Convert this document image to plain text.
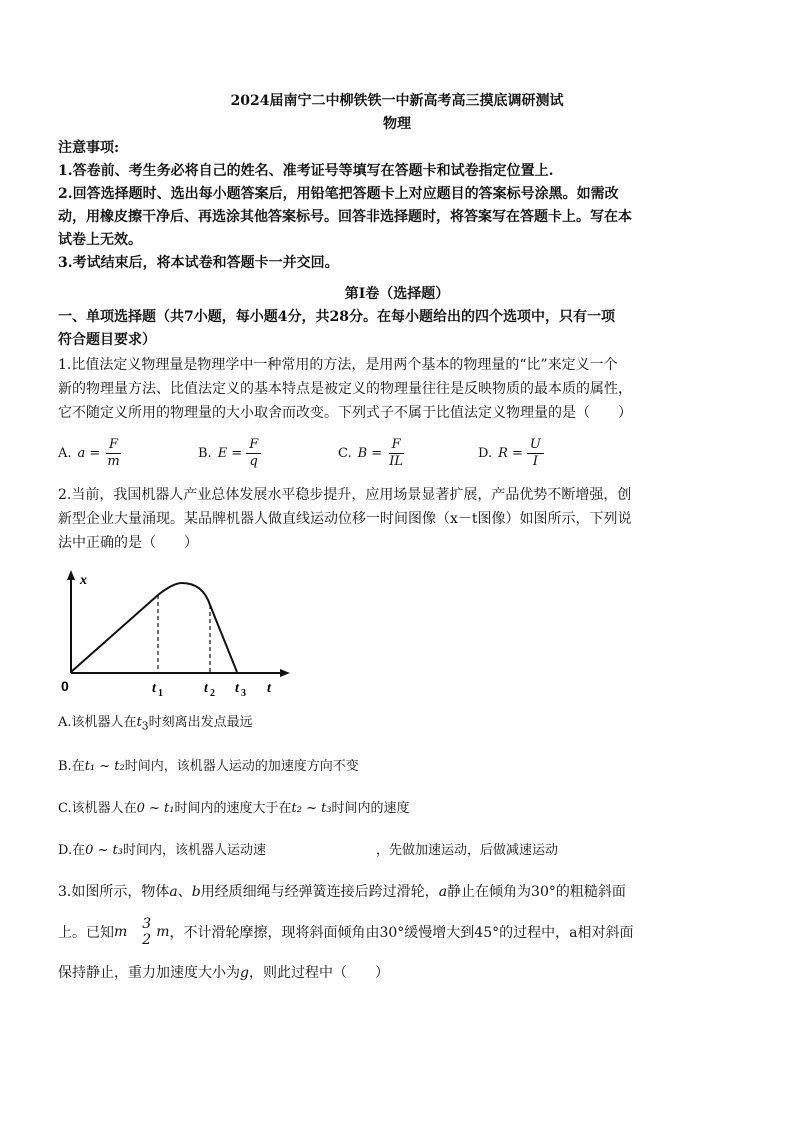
2024届南宁二中柳铁铁一中新高考高三摸底调研测试
物理

注意事项:

1.答卷前、考生务必将自己的姓名、准考证号等填写在答题卡和试卷指定位置上.

2.回答选择题时、选出每小题答案后，用铅笔把答题卡上对应题目的答案标号涂黑。如需改

动，用橡皮擦干净后、再选涂其他答案标号。回答非选择题时，将答案写在答题卡上。写在本

试卷上无效。

3.考试结束后，将本试卷和答题卡一并交回。

第Ⅰ卷（选择题）
一、单项选择题（共7小题，每小题4分，共28分。在每小题给出的四个选项中，只有一项
符合题目要求）

1.比值法定义物理量是物理学中一种常用的方法，是用两个基本的物理量的“比”来定义一个

新的物理量方法、比值法定义的基本特点是被定义的物理量往往是反映物质的最本质的属性，

它不随定义所用的物理量的大小取舍而改变。下列式子不属于比值法定义物理量的是（　　）

A. $a = \frac{F}{m}$	B. $E = \frac{F}{q}$	C. $B = \frac{F}{IL}$	D. $R = \frac{U}{I}$

2.当前，我国机器人产业总体发展水平稳步提升，应用场景显著扩展，产品优势不断增强，创

新型企业大量涌现。某品牌机器人做直线运动位移一时间图像（x－t图像）如图所示，下列说

法中正确的是（　　）

x
0	t 1	t 2 t 3 t
A.该机器人在$t_3$时刻离出发点最远
B.在t₁ ~ t₂时间内，该机器人运动的加速度方向不变
C.该机器人在0 ~ t₁时间内的速度大于在t₂ ~ t₃时间内的速度
D.在0 ~ t₃时间内，该机器人运动速	，先做加速运动，后做减速运动
3.如图所示，物体a、b用经质细绳与经弹簧连接后跨过滑轮，a静止在倾角为30°的粗糙斜面
上。已知 m 3
2 m ，不计滑轮摩擦，现将斜面倾角由30°缓慢增大到45°的过程中，a相对斜面
保持静止，重力加速度大小为g，则此过程中（　　）
